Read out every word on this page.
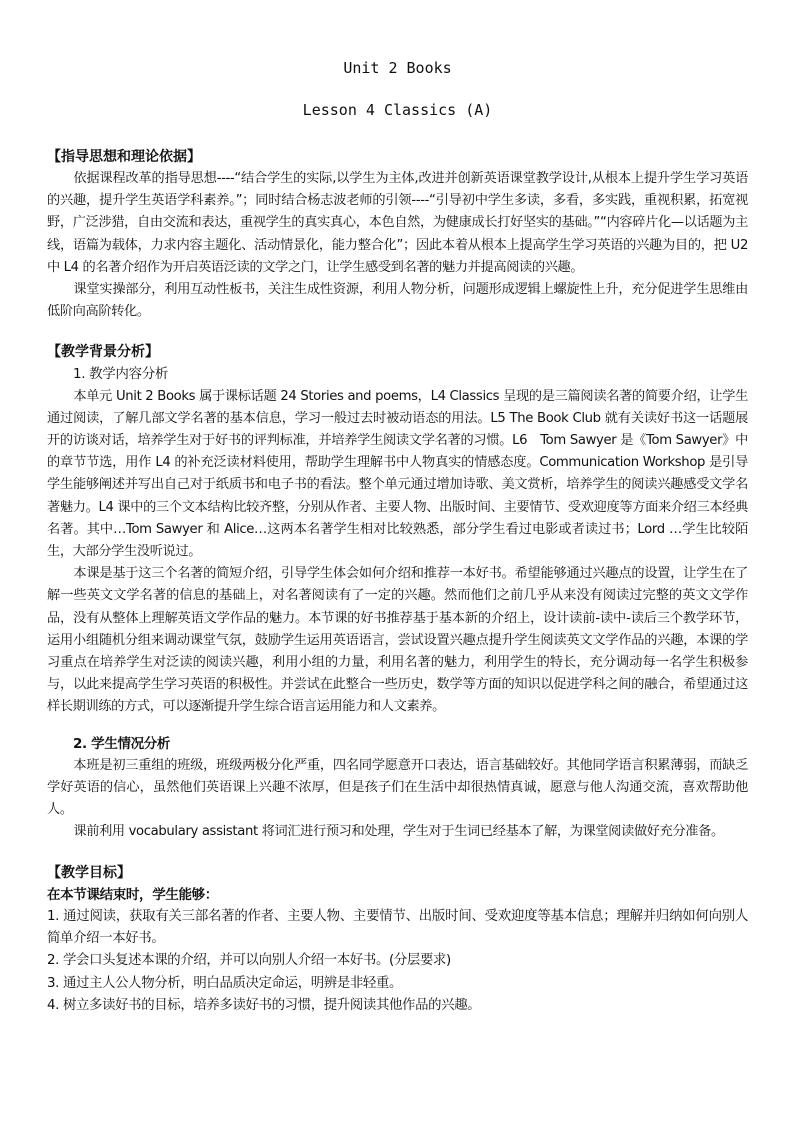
Unit 2 Books
Lesson 4 Classics (A)
【指导思想和理论依据】

依据课程改革的指导思想----“结合学生的实际,以学生为主体,改进并创新英语课堂教学设计,从根本上提升学生学习英语的兴趣，提升学生英语学科素养。”；同时结合杨志波老师的引领----“引导初中学生多读，多看，多实践，重视积累，拓宽视野，广泛涉猎，自由交流和表达，重视学生的真实真心，本色自然，为健康成长打好坚实的基础。”“内容碎片化—以话题为主线，语篇为载体，力求内容主题化、活动情景化，能力整合化”；因此本着从根本上提高学生学习英语的兴趣为目的，把 U2 中 L4 的名著介绍作为开启英语泛读的文学之门，让学生感受到名著的魅力并提高阅读的兴趣。

课堂实操部分，利用互动性板书，关注生成性资源，利用人物分析，问题形成逻辑上螺旋性上升，充分促进学生思维由低阶向高阶转化。

【教学背景分析】

1. 教学内容分析

本单元 Unit 2 Books 属于课标话题 24 Stories and poems，L4 Classics 呈现的是三篇阅读名著的简要介绍，让学生通过阅读，了解几部文学名著的基本信息，学习一般过去时被动语态的用法。L5 The Book Club 就有关读好书这一话题展开的访谈对话，培养学生对于好书的评判标准，并培养学生阅读文学名著的习惯。L6　Tom Sawyer 是《Tom Sawyer》中的章节节选，用作 L4 的补充泛读材料使用，帮助学生理解书中人物真实的情感态度。Communication Workshop 是引导学生能够阐述并写出自己对于纸质书和电子书的看法。整个单元通过增加诗歌、美文赏析，培养学生的阅读兴趣感受文学名著魅力。L4 课中的三个文本结构比较齐整，分别从作者、主要人物、出版时间、主要情节、受欢迎度等方面来介绍三本经典名著。其中…Tom Sawyer 和 Alice…这两本名著学生相对比较熟悉，部分学生看过电影或者读过书；Lord …学生比较陌生，大部分学生没听说过。

本课是基于这三个名著的简短介绍，引导学生体会如何介绍和推荐一本好书。希望能够通过兴趣点的设置，让学生在了解一些英文文学名著的信息的基础上，对名著阅读有了一定的兴趣。然而他们之前几乎从来没有阅读过完整的英文文学作品，没有从整体上理解英语文学作品的魅力。本节课的好书推荐基于基本新的介绍上，设计读前-读中-读后三个教学环节，运用小组随机分组来调动课堂气氛，鼓励学生运用英语语言，尝试设置兴趣点提升学生阅读英文文学作品的兴趣，本课的学习重点在培养学生对泛读的阅读兴趣，利用小组的力量，利用名著的魅力，利用学生的特长，充分调动每一名学生积极参与，以此来提高学生学习英语的积极性。并尝试在此整合一些历史，数学等方面的知识以促进学科之间的融合，希望通过这样长期训练的方式，可以逐渐提升学生综合语言运用能力和人文素养。

2. 学生情况分析

本班是初三重组的班级，班级两极分化严重，四名同学愿意开口表达，语言基础较好。其他同学语言积累薄弱，而缺乏学好英语的信心，虽然他们英语课上兴趣不浓厚，但是孩子们在生活中却很热情真诚，愿意与他人沟通交流，喜欢帮助他人。

课前利用 vocabulary assistant 将词汇进行预习和处理，学生对于生词已经基本了解，为课堂阅读做好充分准备。

【教学目标】

在本节课结束时，学生能够：

1. 通过阅读，获取有关三部名著的作者、主要人物、主要情节、出版时间、受欢迎度等基本信息；理解并归纳如何向别人简单介绍一本好书。

2. 学会口头复述本课的介绍，并可以向别人介绍一本好书。(分层要求)

3. 通过主人公人物分析，明白品质决定命运，明辨是非轻重。

4. 树立多读好书的目标，培养多读好书的习惯，提升阅读其他作品的兴趣。
